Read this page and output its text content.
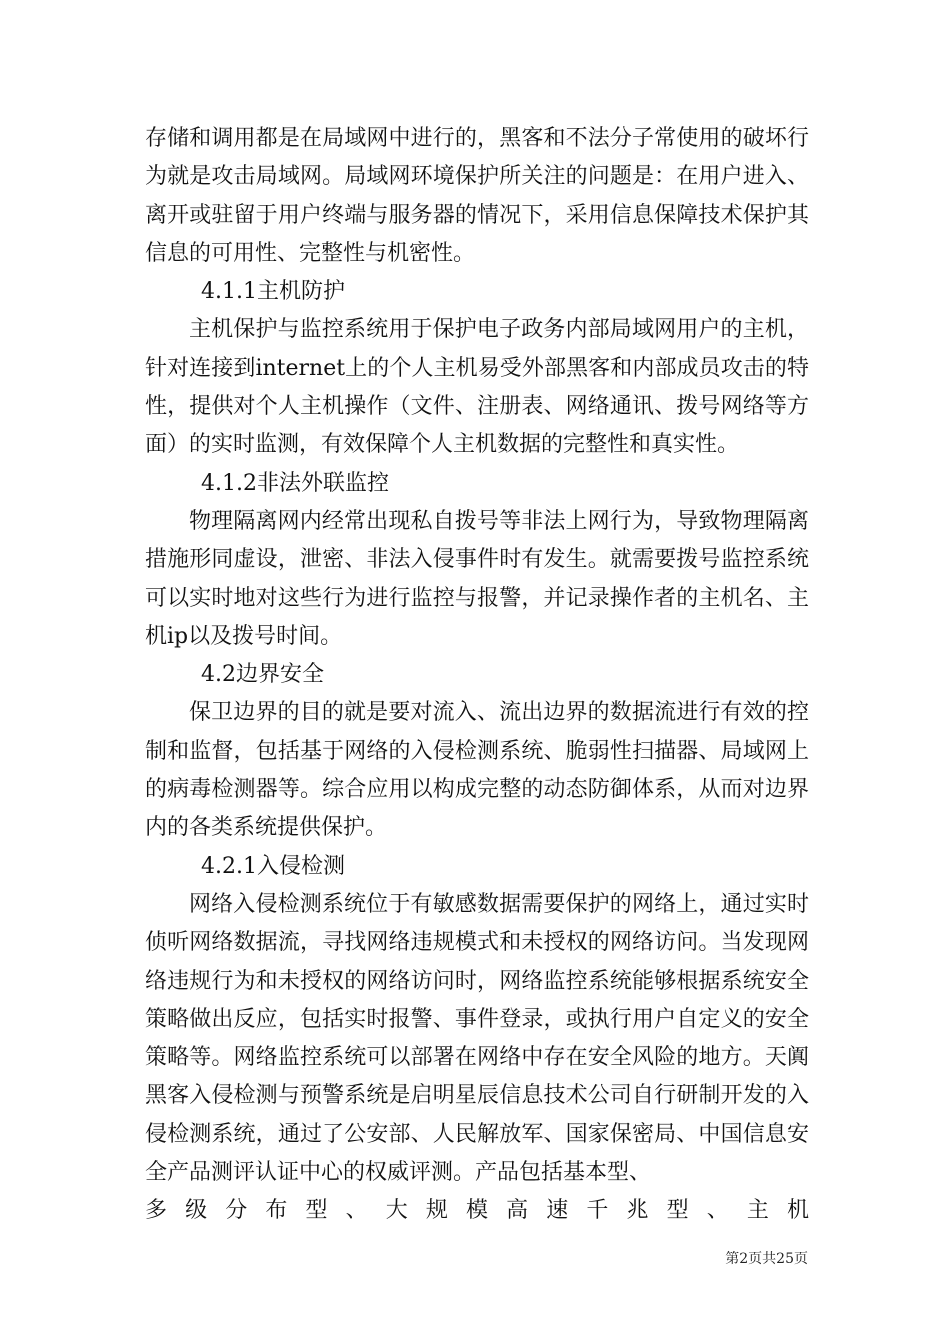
存储和调用都是在局域网中进行的，黑客和不法分子常使用的破坏行为就是攻击局域网。局域网环境保护所关注的问题是：在用户进入、离开或驻留于用户终端与服务器的情况下，采用信息保障技术保护其信息的可用性、完整性与机密性。

4.1.1主机防护

主机保护与监控系统用于保护电子政务内部局域网用户的主机，针对连接到internet上的个人主机易受外部黑客和内部成员攻击的特性，提供对个人主机操作（文件、注册表、网络通讯、拨号网络等方面）的实时监测，有效保障个人主机数据的完整性和真实性。

4.1.2非法外联监控

物理隔离网内经常出现私自拨号等非法上网行为，导致物理隔离措施形同虚设，泄密、非法入侵事件时有发生。就需要拨号监控系统可以实时地对这些行为进行监控与报警，并记录操作者的主机名、主机ip以及拨号时间。

4.2边界安全

保卫边界的目的就是要对流入、流出边界的数据流进行有效的控制和监督，包括基于网络的入侵检测系统、脆弱性扫描器、局域网上的病毒检测器等。综合应用以构成完整的动态防御体系，从而对边界内的各类系统提供保护。

4.2.1入侵检测

网络入侵检测系统位于有敏感数据需要保护的网络上，通过实时侦听网络数据流，寻找网络违规模式和未授权的网络访问。当发现网络违规行为和未授权的网络访问时，网络监控系统能够根据系统安全策略做出反应，包括实时报警、事件登录，或执行用户自定义的安全策略等。网络监控系统可以部署在网络中存在安全风险的地方。天阗黑客入侵检测与预警系统是启明星辰信息技术公司自行研制开发的入侵检测系统，通过了公安部、人民解放军、国家保密局、中国信息安全产品测评认证中心的权威评测。产品包括基本型、

多级分布型、大规模高速千兆型、主机

第2页共25页
